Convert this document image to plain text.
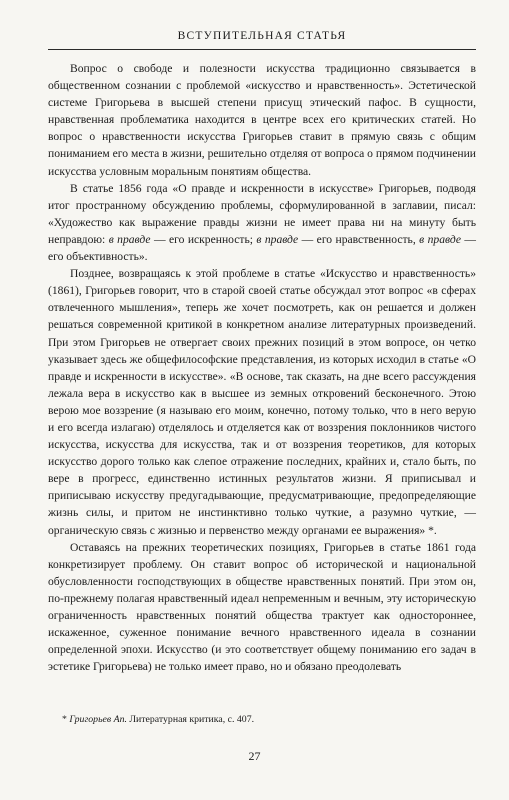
ВСТУПИТЕЛЬНАЯ СТАТЬЯ

Вопрос о свободе и полезности искусства традиционно связывается в общественном сознании с проблемой «искусство и нравственность». Эстетической системе Григорьева в высшей степени присущ этический пафос. В сущности, нравственная проблематика находится в центре всех его критических статей. Но вопрос о нравственности искусства Григорьев ставит в прямую связь с общим пониманием его места в жизни, решительно отделяя от вопроса о прямом подчинении искусства условным моральным понятиям общества.

В статье 1856 года «О правде и искренности в искусстве» Григорьев, подводя итог пространному обсуждению проблемы, сформулированной в заглавии, писал: «Художество как выражение правды жизни не имеет права ни на минуту быть неправдою: в правде — его искренность; в правде — его нравственность, в правде — его объективность».

Позднее, возвращаясь к этой проблеме в статье «Искусство и нравственность» (1861), Григорьев говорит, что в старой своей статье обсуждал этот вопрос «в сферах отвлеченного мышления», теперь же хочет посмотреть, как он решается и должен решаться современной критикой в конкретном анализе литературных произведений. При этом Григорьев не отвергает своих прежних позиций в этом вопросе, он четко указывает здесь же общефилософские представления, из которых исходил в статье «О правде и искренности в искусстве». «В основе, так сказать, на дне всего рассуждения лежала вера в искусство как в высшее из земных откровений бесконечного. Этою верою мое воззрение (я называю его моим, конечно, потому только, что в него верую и его всегда излагаю) отделялось и отделяется как от воззрения поклонников чистого искусства, искусства для искусства, так и от воззрения теоретиков, для которых искусство дорого только как слепое отражение последних, крайних и, стало быть, по вере в прогресс, единственно истинных результатов жизни. Я приписывал и приписываю искусству предугадывающие, предусматривающие, предопределяющие жизнь силы, и притом не инстинктивно только чуткие, а разумно чуткие, — органическую связь с жизнью и первенство между органами ее выражения» *.

Оставаясь на прежних теоретических позициях, Григорьев в статье 1861 года конкретизирует проблему. Он ставит вопрос об исторической и национальной обусловленности господствующих в обществе нравственных понятий. При этом он, по-прежнему полагая нравственный идеал непременным и вечным, эту историческую ограниченность нравственных понятий общества трактует как одностороннее, искаженное, суженное понимание вечного нравственного идеала в сознании определенной эпохи. Искусство (и это соответствует общему пониманию его задач в эстетике Григорьева) не только имеет право, но и обязано преодолевать

* Григорьев Ап. Литературная критика, с. 407.
27
